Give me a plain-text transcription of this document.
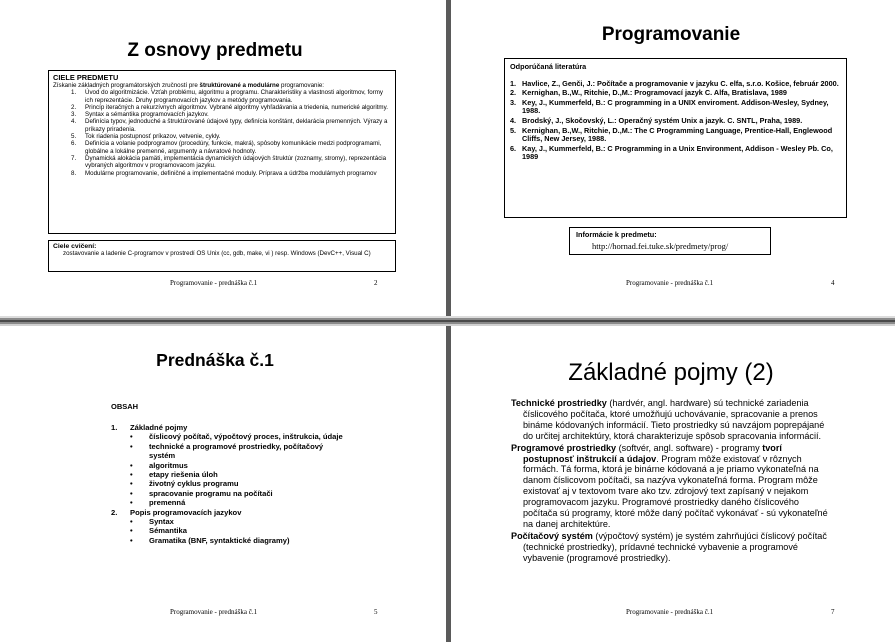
Z osnovy predmetu
CIELE PREDMETU
Získanie základných programátorských zručností pre štruktúrované a modulárne programovanie:
1. Úvod do algoritmizácie. Vzťah problému, algoritmu a programu. Charakteristiky a vlastnosti algoritmov, formy ich reprezentácie. Druhy programovacích jazykov a metódy programovania.
2. Princíp iteračných a rekurzívnych algoritmov. Vybrané algoritmy vyhľadávania a triedenia, numerické algoritmy.
3. Syntax a sémantika programovacích jazykov.
4. Definícia typov, jednoduché a štruktúrované údajové typy, definícia konštánt, deklarácia premenných. Výrazy a príkazy priradenia.
5. Tok riadenia postupnosť príkazov, vetvenie, cykly.
6. Definícia a volanie podprogramov (procedúry, funkcie, makrá), spôsoby komunikácie medzi podprogramami, globálne a lokálne premenné, argumenty a návratové hodnoty.
7. Dynamická alokácia pamäti, implementácia dynamických údajových štruktúr (zoznamy, stromy), reprezentácia vybraných algoritmov v programovacom jazyku.
8. Modulárne programovanie, definičné a implementačné moduly. Príprava a údržba modulárnych programov
Ciele cvičení:
zostavovanie a ladenie C-programov v prostredí OS Unix (cc, gdb, make, vi ) resp. Windows (DevC++, Visual C)
Programovanie - prednáška č.1	2
Programovanie
Odporúčaná literatúra
1. Havlice, Z., Genči, J.: Počítače a programovanie v jazyku C. elfa, s.r.o. Košice, február 2000.
2. Kernighan, B.,W., Ritchie, D.,M.: Programovací jazyk C. Alfa, Bratislava, 1989
3. Key, J., Kummerfeld, B.: C programming in a UNIX enviroment. Addison-Wesley, Sydney, 1988.
4. Brodský, J., Skočovský, L.: Operačný systém Unix a jazyk. C. SNTL, Praha, 1989.
5. Kernighan, B.,W., Ritchie, D.,M.: The C Programming Language, Prentice-Hall, Englewood Cliffs, New Jersey, 1988.
6. Kay, J., Kummerfeld, B.: C Programming in a Unix Environment, Addison - Wesley Pb. Co, 1989
Informácie k predmetu:
http://hornad.fei.tuke.sk/predmety/prog/
Programovanie - prednáška č.1	4
Prednáška č.1
OBSAH
1. Základné pojmy
• číslicový počítač, výpočtový proces, inštrukcia, údaje
• technické a programové prostriedky, počítačový systém
• algoritmus
• etapy riešenia úloh
• životný cyklus programu
• spracovanie programu na počítači
• premenná
2. Popis programovacích jazykov
• Syntax
• Sémantika
• Gramatika (BNF, syntaktické diagramy)
Programovanie - prednáška č.1	5
Základné pojmy (2)
Technické prostriedky (hardvér, angl. hardware) sú technické zariadenia číslicového počítača, ktoré umožňujú uchovávanie, spracovanie a prenos bináme kódovaných informácií. Tieto prostriedky sú navzájom poprepájané do určitej architektúry, ktorá charakterizuje spôsob spracovania informácií.
Programové prostriedky (softvér, angl. software) - programy tvorí postupnosť inštrukcií a údajov. Program môže existovať v rôznych formách. Tá forma, ktorá je binárne kódovaná a je priamo vykonateľná na danom číslicovom počítači, sa nazýva vykonateľná forma. Program môže existovať aj v textovom tvare ako tzv. zdrojový text zapísaný v nejakom programovacom jazyku. Programové prostriedky daného číslicového počítača sú programy, ktoré môže daný počítač vykonávať - sú vykonateľné na danej architektúre.
Počítačový systém (výpočtový systém) je systém zahrňujúci číslicový počítač (technické prostriedky), prídavné technické vybavenie a programové vybavenie (programové prostriedky).
Programovanie - prednáška č.1	7
